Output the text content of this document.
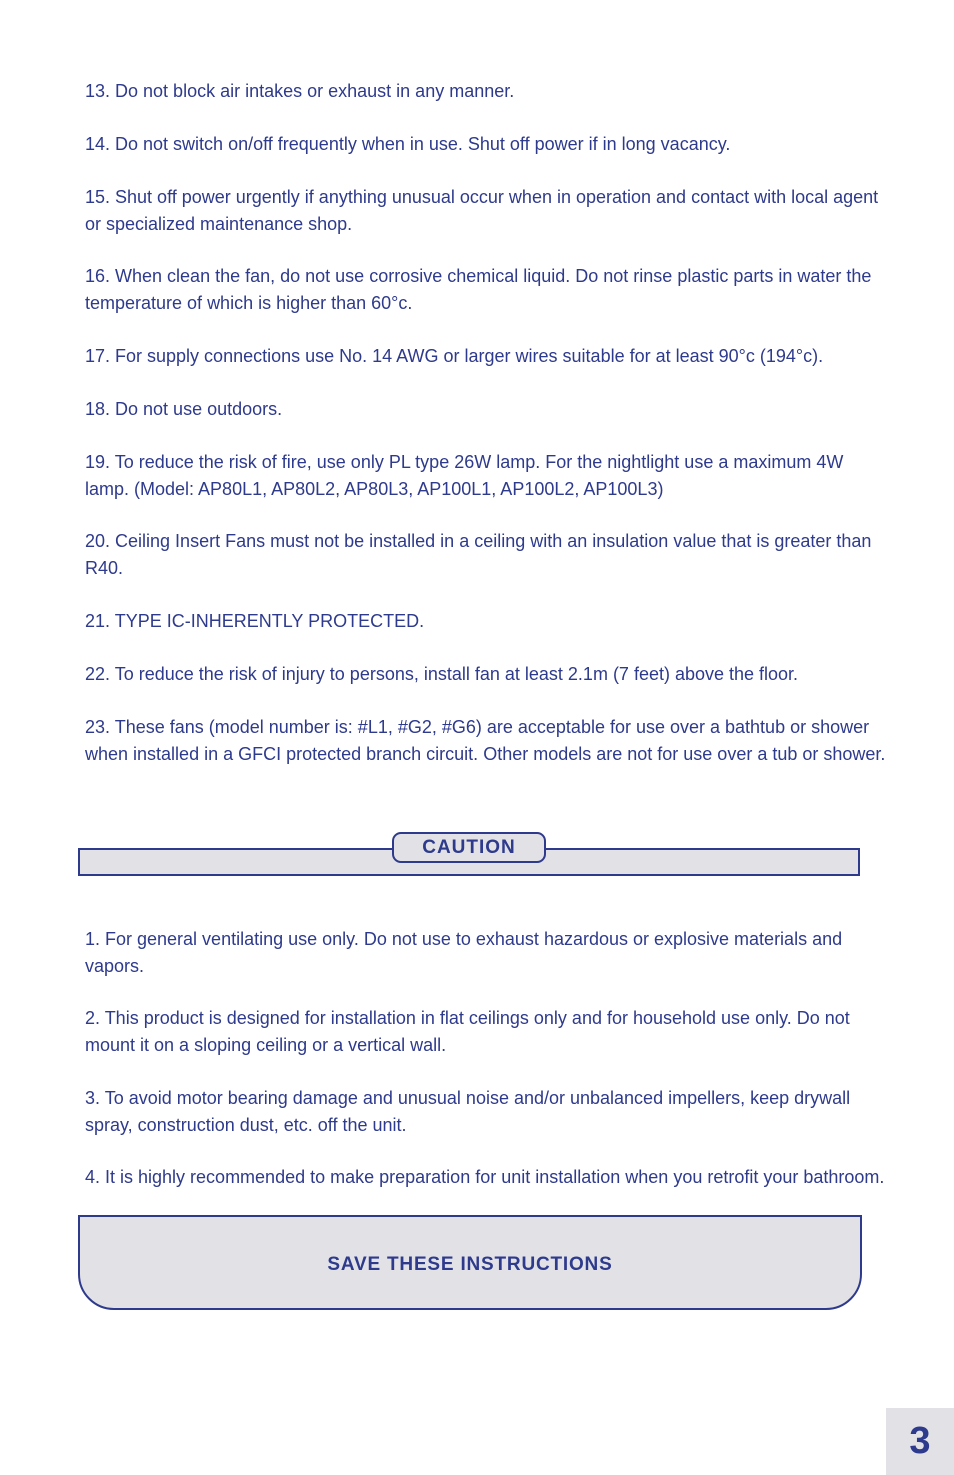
13. Do not block air intakes or exhaust in any manner.

14. Do not switch on/off frequently when in use. Shut off power if in long vacancy.

15. Shut off power urgently if anything unusual occur when in operation and contact with local agent or specialized maintenance shop.

16. When clean the fan, do not use corrosive chemical liquid. Do not rinse plastic parts in water the temperature of which is higher than 60°c.

17. For supply connections use No. 14 AWG or larger wires suitable for at least 90°c (194°c).

18. Do not use outdoors.

19. To reduce the risk of fire, use only PL type 26W lamp. For the nightlight use a maximum 4W lamp. (Model: AP80L1, AP80L2, AP80L3, AP100L1, AP100L2, AP100L3)

20. Ceiling Insert Fans must not be installed in a ceiling with an insulation value that is greater than R40.

21. TYPE IC-INHERENTLY PROTECTED.

22. To reduce the risk of injury to persons, install fan at least 2.1m (7 feet) above the floor.

23. These fans (model number is: #L1, #G2, #G6) are acceptable for use over a bathtub or shower when installed in a GFCI protected branch circuit. Other models are not for use over a tub or shower.

CAUTION

1. For general ventilating use only. Do not use to exhaust hazardous or explosive materials and vapors.

2. This product is designed for installation in flat ceilings only and for household use only. Do not mount it on a sloping ceiling or a vertical wall.

3. To avoid motor bearing damage and unusual noise and/or unbalanced impellers, keep drywall spray, construction dust, etc. off the unit.

4. It is highly recommended to make preparation for unit installation when you retrofit your bathroom.

SAVE THESE INSTRUCTIONS
3
